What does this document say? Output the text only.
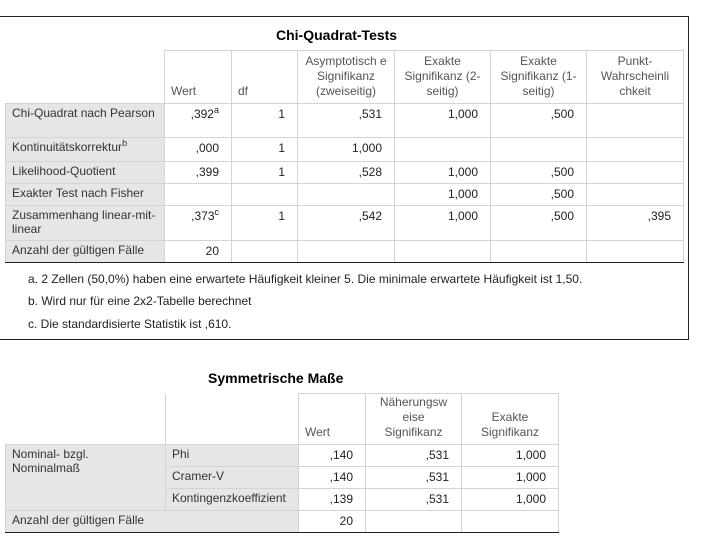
Chi-Quadrat-Tests
	Wert	df	Asymptotisch e Signifikanz (zweiseitig)	Exakte Signifikanz (2-seitig)	Exakte Signifikanz (1-seitig)	Punkt-Wahrscheinli chkeit
Chi-Quadrat nach Pearson	,392$^a$	1	,531	1,000	,500	
Kontinuitätskorrektur$^b$	,000	1	1,000			
Likelihood-Quotient	,399	1	,528	1,000	,500	
Exakter Test nach Fisher				1,000	,500	
Zusammenhang linear-mit-linear	,373$^c$	1	,542	1,000	,500	,395
Anzahl der gültigen Fälle	20					
a. 2 Zellen (50,0%) haben eine erwartete Häufigkeit kleiner 5. Die minimale erwartete Häufigkeit ist 1,50.
b. Wird nur für eine 2x2-Tabelle berechnet
c. Die standardisierte Statistik ist ,610.
Symmetrische Maße
		Wert	Näherungsw eise Signifikanz	Exakte Signifikanz
Nominal- bzgl. Nominalmaß	Phi	,140	,531	1,000
	Cramer-V	,140	,531	1,000
	Kontingenzkoeffizient	,139	,531	1,000
Anzahl der gültigen Fälle		20		
